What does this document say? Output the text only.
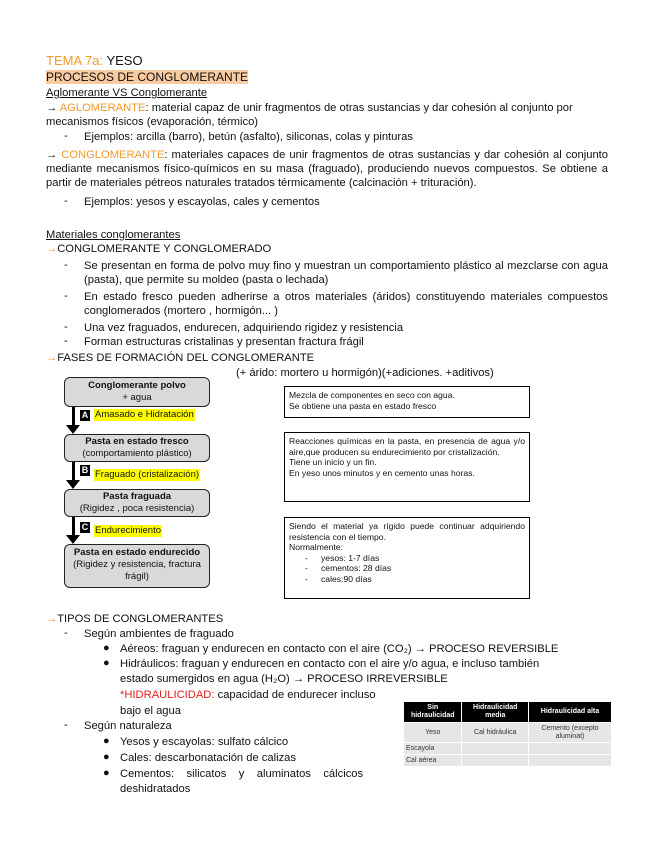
TEMA 7a: YESO
PROCESOS DE CONGLOMERANTE
Aglomerante VS Conglomerante
→ AGLOMERANTE: material capaz de unir fragmentos de otras sustancias y dar cohesión al conjunto por
mecanismos físicos (evaporación, térmico)
- Ejemplos: arcilla (barro), betún (asfalto), siliconas, colas y pinturas
→ CONGLOMERANTE: materiales capaces de unir fragmentos de otras sustancias y dar cohesión al conjunto mediante mecanismos físico-químicos en su masa (fraguado), produciendo nuevos compuestos. Se obtiene a partir de materiales pétreos naturales tratados térmicamente (calcinación + trituración).
- Ejemplos: yesos y escayolas, cales y cementos
Materiales conglomerantes
→CONGLOMERANTE Y CONGLOMERADO
- Se presentan en forma de polvo muy fino y muestran un comportamiento plástico al mezclarse con agua (pasta), que permite su moldeo (pasta o lechada)
- En estado fresco pueden adherirse a otros materiales (áridos) constituyendo materiales compuestos conglomerados (mortero , hormigón... )
- Una vez fraguados, endurecen, adquiriendo rigidez y resistencia
- Forman estructuras cristalinas y presentan fractura frágil
→FASES DE FORMACIÓN DEL CONGLOMERANTE
(+ árido: mortero u hormigón)(+adiciones. +aditivos)
Conglomerante polvo
+ agua
A Amasado e Hidratación
Pasta en estado fresco
(comportamiento plástico)
B Fraguado (cristalización)
Pasta fraguada
(Rigidez , poca resistencia)
C Endurecimiento
Pasta en estado endurecido
(Rigidez y resistencia, fractura frágil)
Mezcla de componentes en seco con agua.
Se obtiene una pasta en estado fresco
Reacciones químicas en la pasta, en presencia de agua y/o aire,que producen su endurecimiento por cristalización.
Tiene un inicio y un fin.
En yeso unos minutos y en cemento unas horas.
Siendo el material ya rígido puede continuar adquiriendo resistencia con el tiempo.
Normalmente:
- yesos: 1-7 días
- cementos: 28 días
- cales:90 días
→TIPOS DE CONGLOMERANTES
- Según ambientes de fraguado
● Aéreos: fraguan y endurecen en contacto con el aire (CO₂) → PROCESO REVERSIBLE
● Hidráulicos: fraguan y endurecen en contacto con el aire y/o agua, e incluso también
estado sumergidos en agua (H₂O) → PROCESO IRREVERSIBLE
*HIDRAULICIDAD: capacidad de endurecer incluso
bajo el agua
- Según naturaleza
● Yesos y escayolas: sulfato cálcico
● Cales: descarbonatación de calizas
● Cementos:    silicatos    y    aluminatos    cálcicos
deshidratados
Sin hidraulicidad	Hidraulicidad media	Hidraulicidad alta
Yeso	Cal hidráulica	Cemento (excepto aluminat)
Escayola		
Cal aérea		
